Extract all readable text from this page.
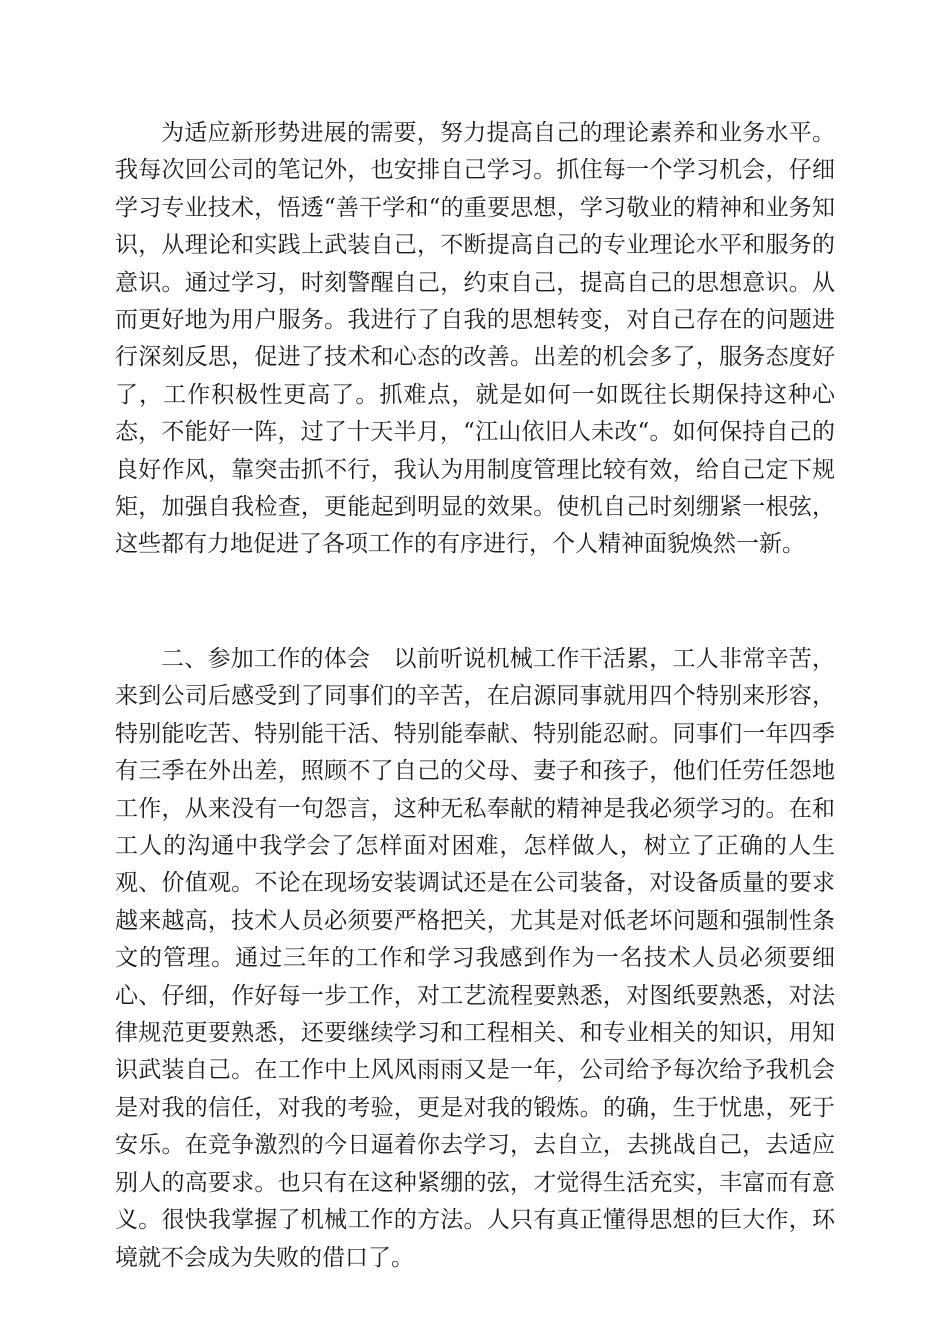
为适应新形势进展的需要，努力提高自己的理论素养和业务水平。我每次回公司的笔记外，也安排自己学习。抓住每一个学习机会，仔细学习专业技术，悟透“善干学和“的重要思想，学习敬业的精神和业务知识，从理论和实践上武装自己，不断提高自己的专业理论水平和服务的意识。通过学习，时刻警醒自己，约束自己，提高自己的思想意识。从而更好地为用户服务。我进行了自我的思想转变，对自己存在的问题进行深刻反思，促进了技术和心态的改善。出差的机会多了，服务态度好了，工作积极性更高了。抓难点，就是如何一如既往长期保持这种心态，不能好一阵，过了十天半月，“江山依旧人未改“。如何保持自己的良好作风，靠突击抓不行，我认为用制度管理比较有效，给自己定下规矩，加强自我检查，更能起到明显的效果。使机自己时刻绷紧一根弦，这些都有力地促进了各项工作的有序进行，个人精神面貌焕然一新。

二、参加工作的体会　以前听说机械工作干活累，工人非常辛苦，来到公司后感受到了同事们的辛苦，在启源同事就用四个特别来形容，特别能吃苦、特别能干活、特别能奉献、特别能忍耐。同事们一年四季有三季在外出差，照顾不了自己的父母、妻子和孩子，他们任劳任怨地工作，从来没有一句怨言，这种无私奉献的精神是我必须学习的。在和工人的沟通中我学会了怎样面对困难，怎样做人，树立了正确的人生观、价值观。不论在现场安装调试还是在公司装备，对设备质量的要求越来越高，技术人员必须要严格把关，尤其是对低老坏问题和强制性条文的管理。通过三年的工作和学习我感到作为一名技术人员必须要细心、仔细，作好每一步工作，对工艺流程要熟悉，对图纸要熟悉，对法律规范更要熟悉，还要继续学习和工程相关、和专业相关的知识，用知识武装自己。在工作中上风风雨雨又是一年，公司给予每次给予我机会是对我的信任，对我的考验，更是对我的锻炼。的确，生于忧患，死于安乐。在竞争激烈的今日逼着你去学习，去自立，去挑战自己，去适应别人的高要求。也只有在这种紧绷的弦，才觉得生活充实，丰富而有意义。很快我掌握了机械工作的方法。人只有真正懂得思想的巨大作，环境就不会成为失败的借口了。
